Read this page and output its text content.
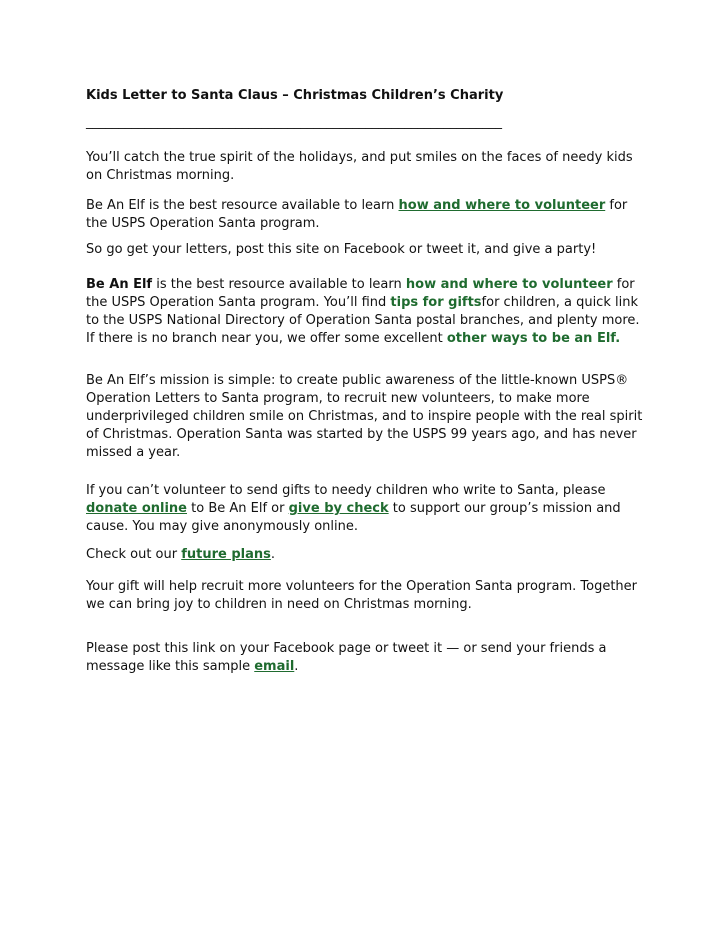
Kids Letter to Santa Claus – Christmas Children’s Charity
________________________________________________________________

You’ll catch the true spirit of the holidays, and put smiles on the faces of needy kids on Christmas morning.

Be An Elf is the best resource available to learn how and where to volunteer for the USPS Operation Santa program.

So go get your letters, post this site on Facebook or tweet it, and give a party!

Be An Elf is the best resource available to learn how and where to volunteer for the USPS Operation Santa program. You’ll find tips for giftsfor children, a quick link to the USPS National Directory of Operation Santa postal branches, and plenty more. If there is no branch near you, we offer some excellent other ways to be an Elf.

Be An Elf’s mission is simple: to create public awareness of the little-known USPS® Operation Letters to Santa program, to recruit new volunteers, to make more underprivileged children smile on Christmas, and to inspire people with the real spirit of Christmas. Operation Santa was started by the USPS 99 years ago, and has never missed a year.

If you can’t volunteer to send gifts to needy children who write to Santa, please donate online to Be An Elf or give by check to support our group’s mission and cause. You may give anonymously online.

Check out our future plans.

Your gift will help recruit more volunteers for the Operation Santa program. Together we can bring joy to children in need on Christmas morning.

Please post this link on your Facebook page or tweet it — or send your friends a message like this sample email.
